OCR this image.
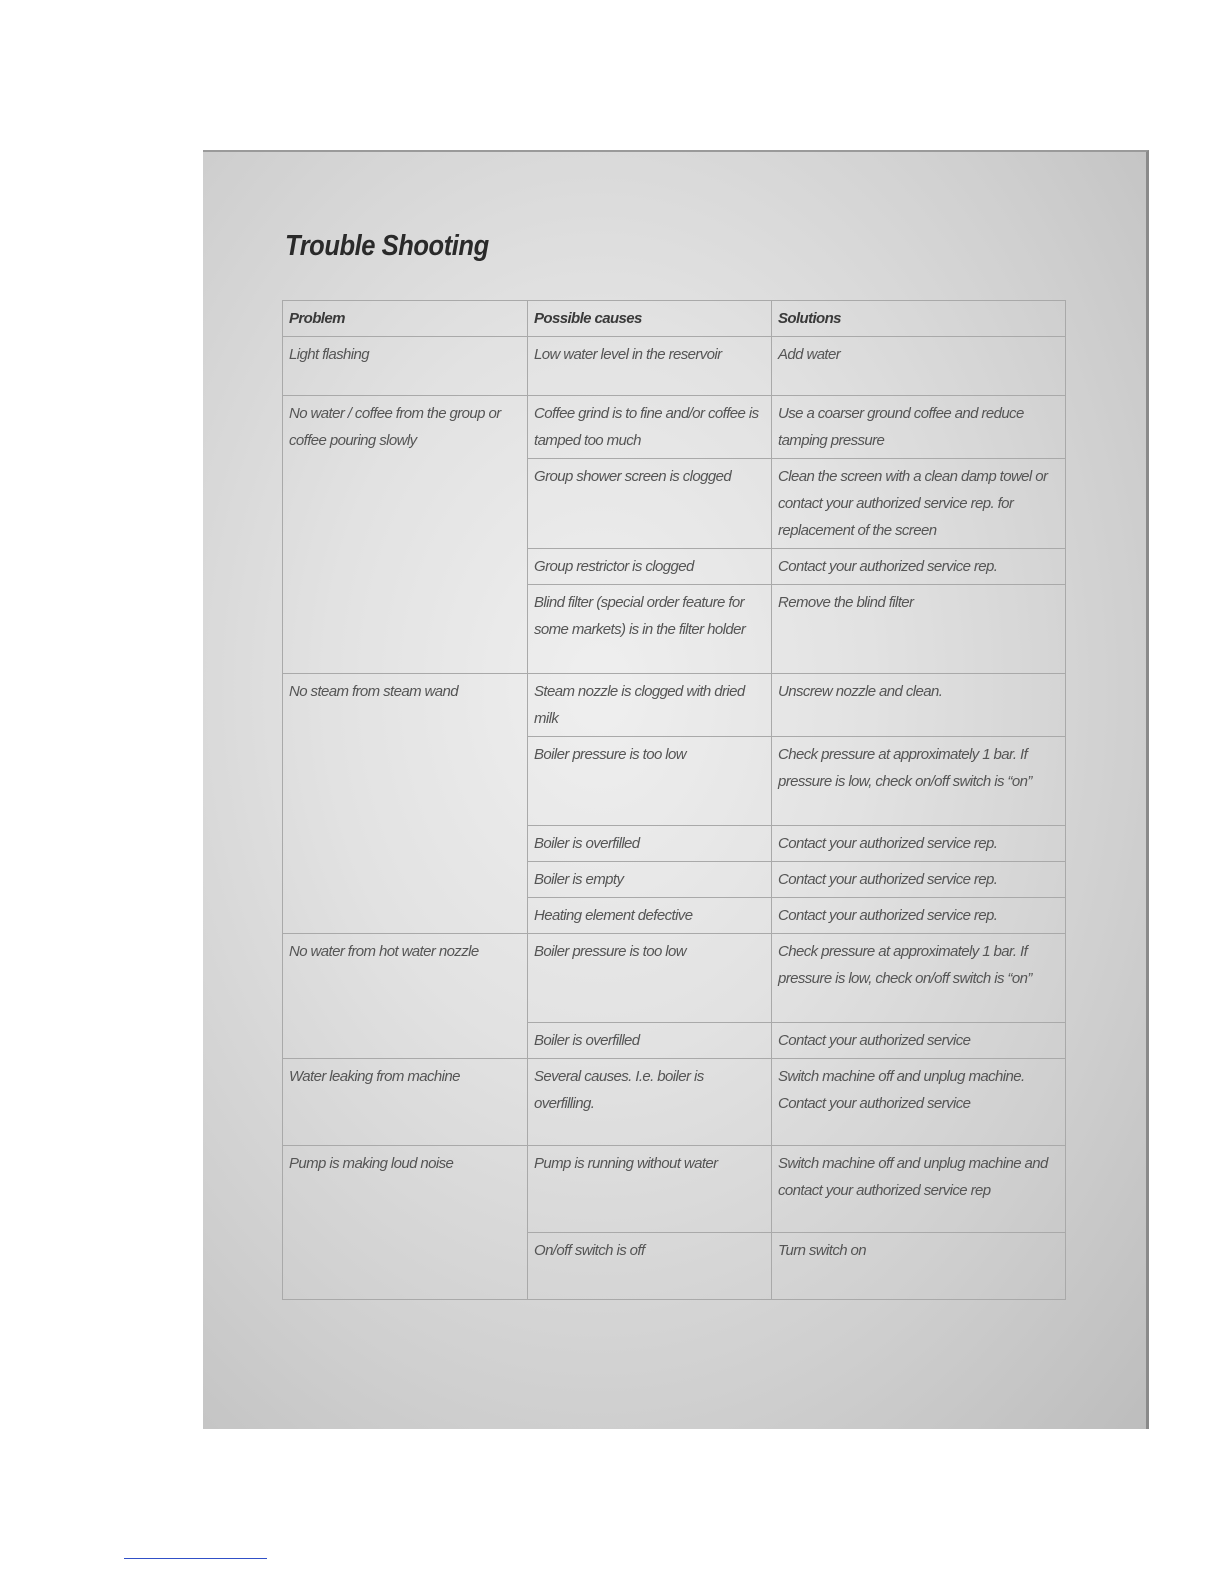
Trouble Shooting
Problem	Possible causes	Solutions
Light flashing	Low water level in the reservoir	Add water
No water / coffee from the group or coffee pouring slowly	Coffee grind is to fine and/or coffee is tamped too much	Use a coarser ground coffee and reduce tamping pressure
	Group shower screen is clogged	Clean the screen with a clean damp towel or contact your authorized service rep. for replacement of the screen
	Group restrictor is clogged	Contact your authorized service rep.
	Blind filter (special order feature for some markets) is in the filter holder	Remove the blind filter
No steam from steam wand	Steam nozzle is clogged with dried milk	Unscrew nozzle and clean.
	Boiler pressure is too low	Check pressure at approximately 1 bar. If pressure is low, check on/off switch is “on”
	Boiler is overfilled	Contact your authorized service rep.
	Boiler is empty	Contact your authorized service rep.
	Heating element defective	Contact your authorized service rep.
No water from hot water nozzle	Boiler pressure is too low	Check pressure at approximately 1 bar. If pressure is low, check on/off switch is “on”
	Boiler is overfilled	Contact your authorized service
Water leaking from machine	Several causes. I.e. boiler is overfilling.	Switch machine off and unplug machine. Contact your authorized service
Pump is making loud noise	Pump is running without water	Switch machine off and unplug machine and contact your authorized service rep
	On/off switch is off	Turn switch on
